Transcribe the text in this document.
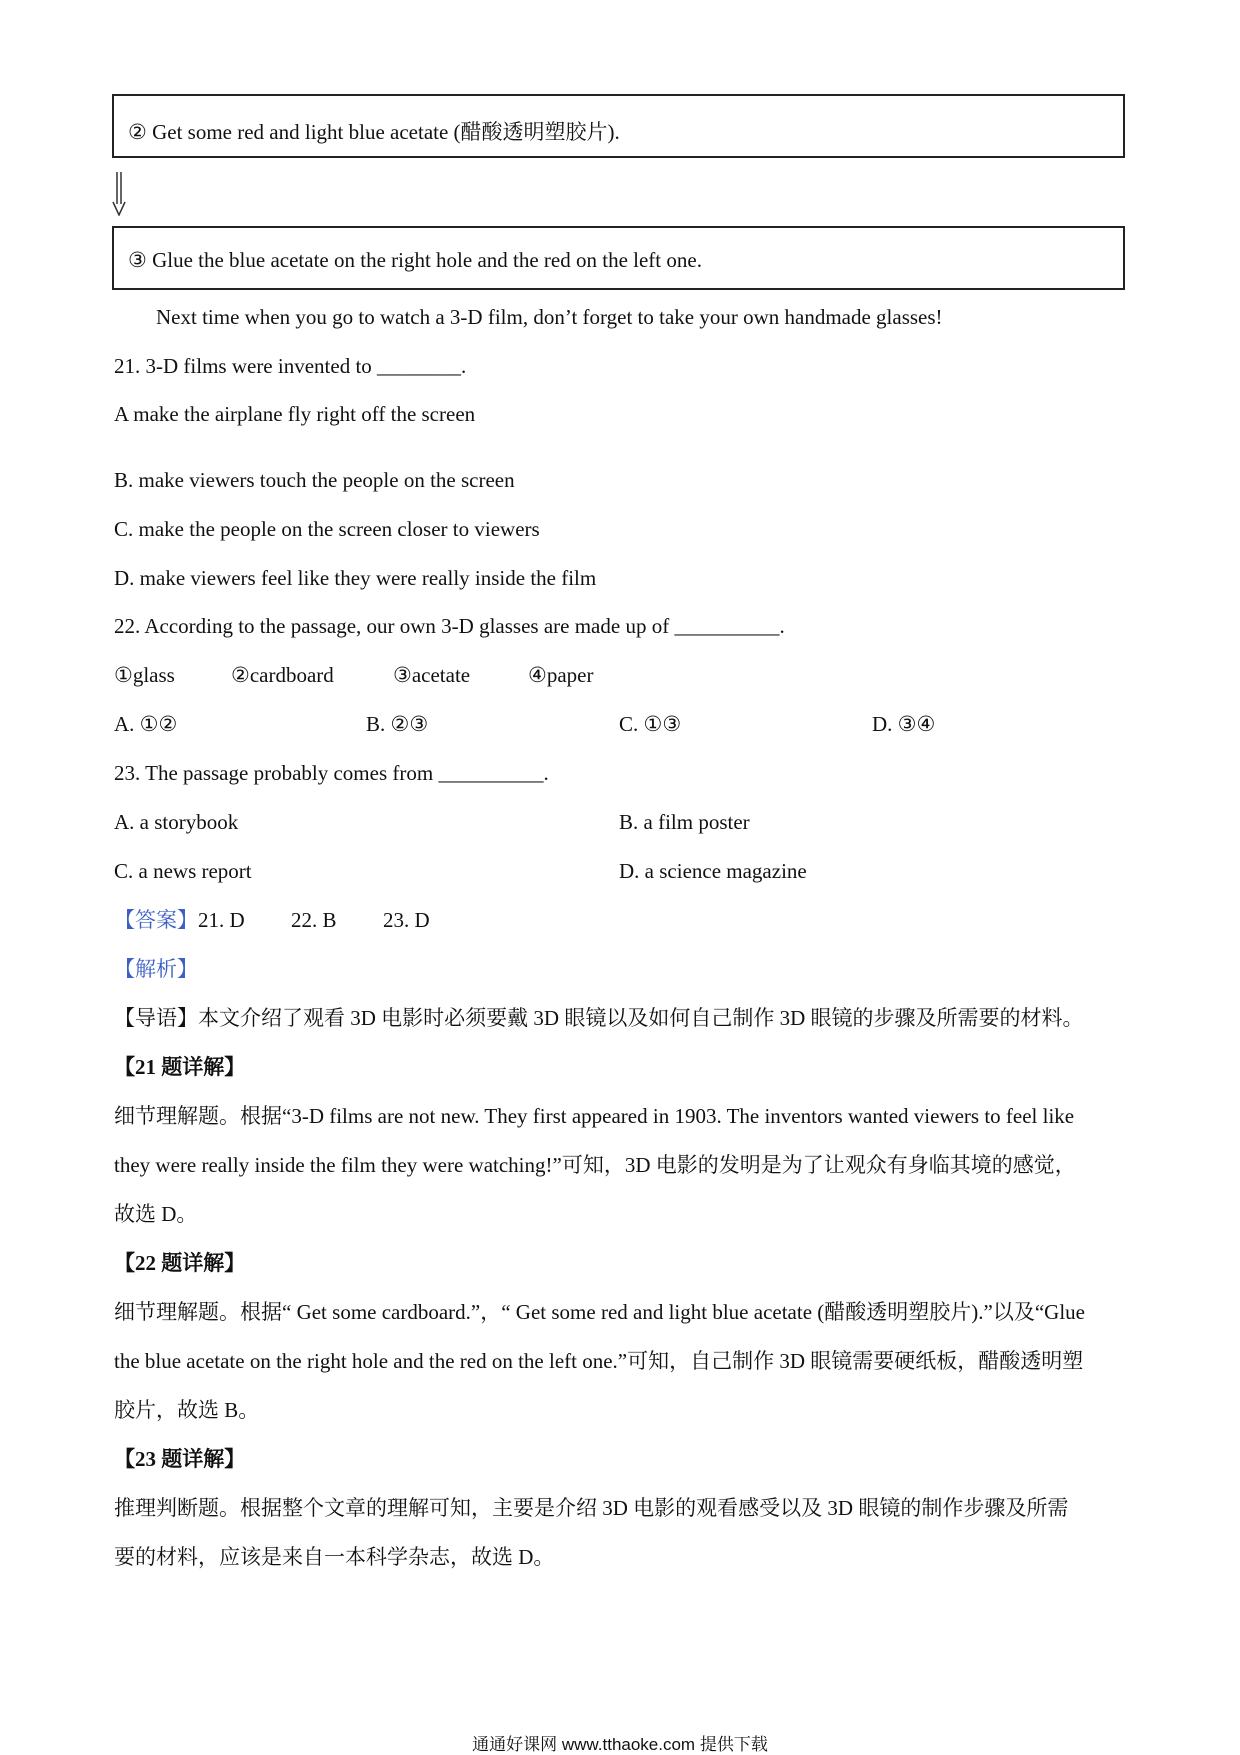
② Get some red and light blue acetate (醋酸透明塑胶片).
③ Glue the blue acetate on the right hole and the red on the left one.
Next time when you go to watch a 3-D film, don’t forget to take your own handmade glasses!
21. 3-D films were invented to ________.
A make the airplane fly right off the screen
B. make viewers touch the people on the screen
C. make the people on the screen closer to viewers
D. make viewers feel like they were really inside the film
22. According to the passage, our own 3-D glasses are made up of __________.
①glass	②cardboard	③acetate	④paper
A. ①②	B. ②③	C. ①③	D. ③④
23. The passage probably comes from __________.
A. a storybook	B. a film poster
C. a news report	D. a science magazine
【答案】 21. D	22. B	23. D
【解析】
【导语】本文介绍了观看 3D 电影时必须要戴 3D 眼镜以及如何自己制作 3D 眼镜的步骤及所需要的材料。
【21 题详解】
细节理解题。根据“3-D films are not new. They first appeared in 1903. The inventors wanted viewers to feel like
they were really inside the film they were watching!”可知，3D 电影的发明是为了让观众有身临其境的感觉，
故选 D。
【22 题详解】
细节理解题。根据“ Get some cardboard.”，“ Get some red and light blue acetate (醋酸透明塑胶片).”以及“Glue
the blue acetate on the right hole and the red on the left one.”可知，自己制作 3D 眼镜需要硬纸板，醋酸透明塑
胶片，故选 B。
【23 题详解】
推理判断题。根据整个文章的理解可知，主要是介绍 3D 电影的观看感受以及 3D 眼镜的制作步骤及所需
要的材料，应该是来自一本科学杂志，故选 D。
通通好课网 www.tthaoke.com 提供下载
